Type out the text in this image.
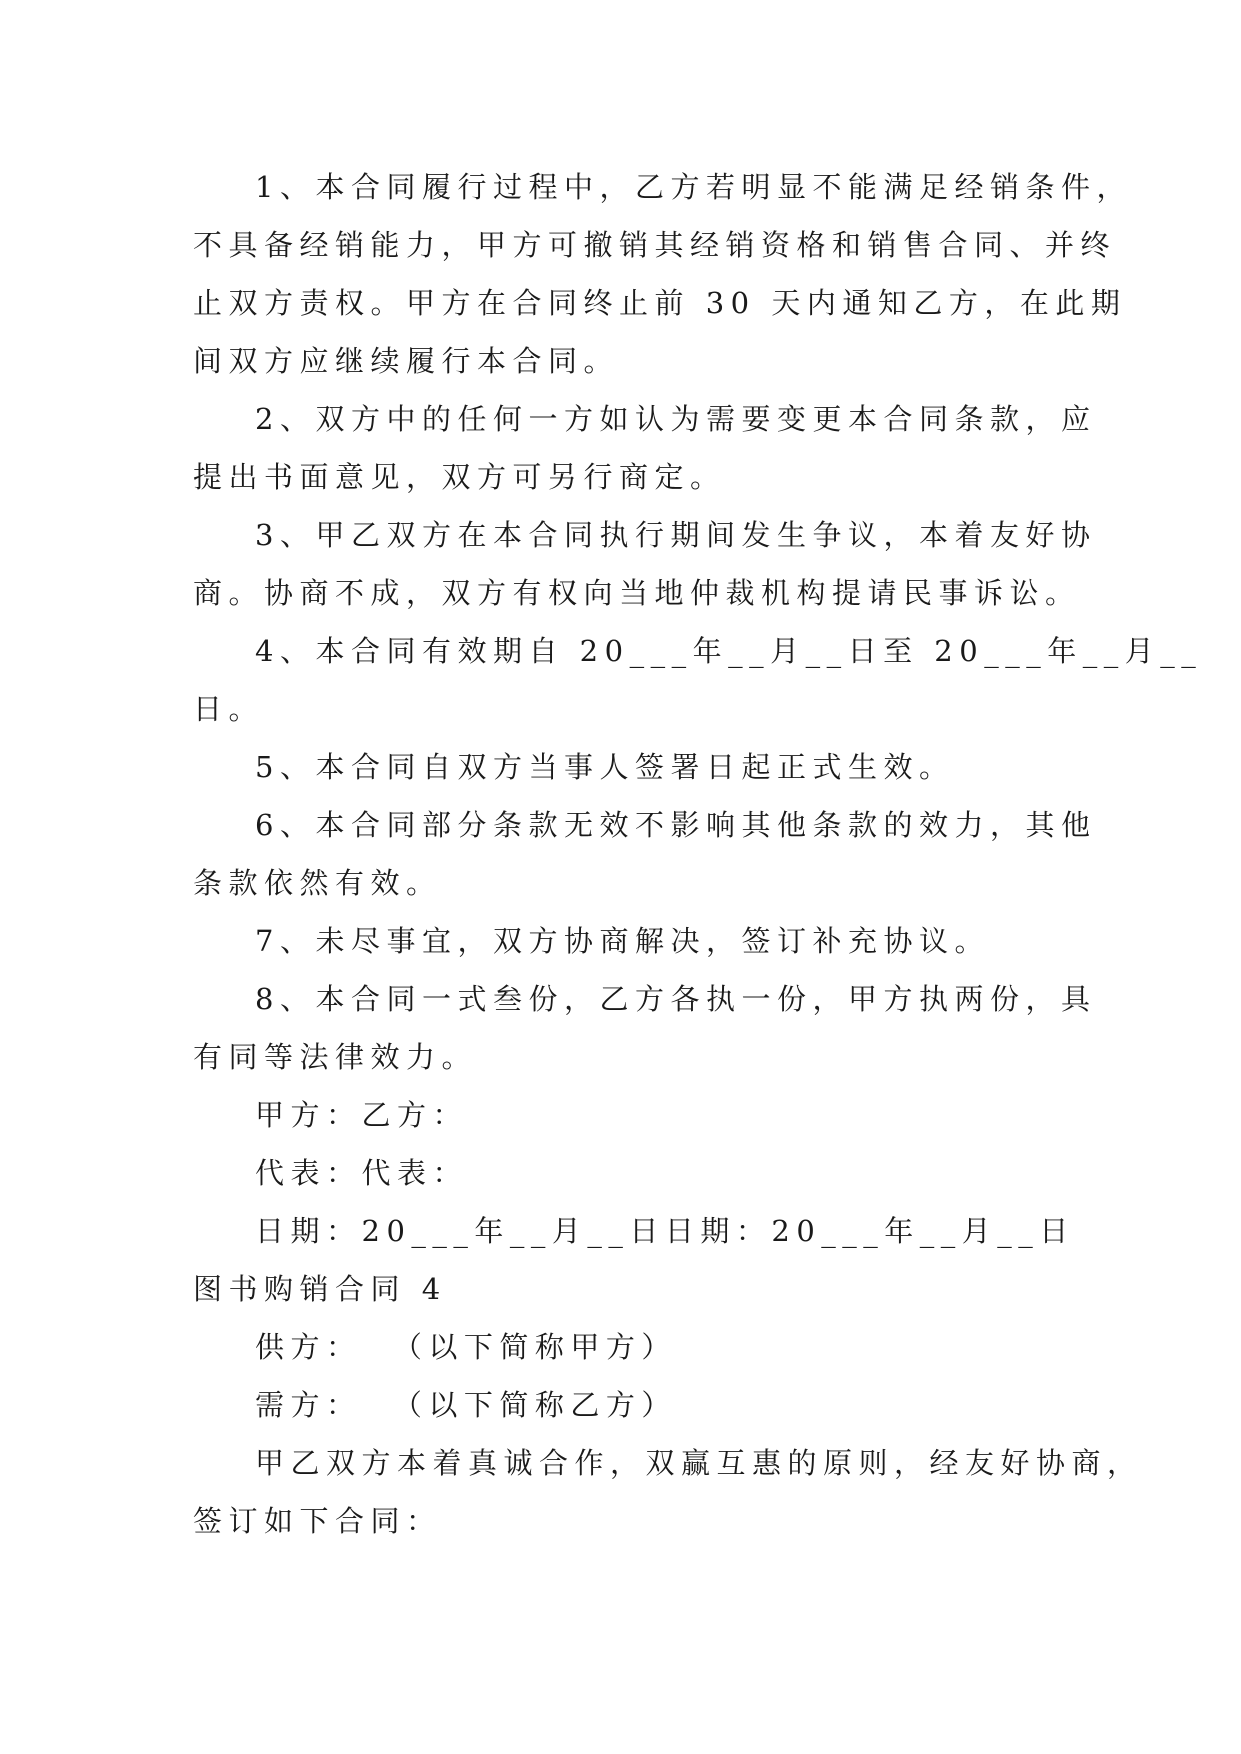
1、本合同履行过程中，乙方若明显不能满足经销条件，
不具备经销能力，甲方可撤销其经销资格和销售合同、并终
止双方责权。甲方在合同终止前 30 天内通知乙方，在此期
间双方应继续履行本合同。
2、双方中的任何一方如认为需要变更本合同条款，应
提出书面意见，双方可另行商定。
3、甲乙双方在本合同执行期间发生争议，本着友好协
商。协商不成，双方有权向当地仲裁机构提请民事诉讼。
4、本合同有效期自 20___年__月__日至 20___年__月__
日。
5、本合同自双方当事人签署日起正式生效。
6、本合同部分条款无效不影响其他条款的效力，其他
条款依然有效。
7、未尽事宜，双方协商解决，签订补充协议。
8、本合同一式叁份，乙方各执一份，甲方执两份，具
有同等法律效力。
甲方：乙方：
代表：代表：
日期：20___年__月__日日期：20___年__月__日
图书购销合同 4
供方：  （以下简称甲方）
需方：  （以下简称乙方）
甲乙双方本着真诚合作，双赢互惠的原则，经友好协商，
签订如下合同：
